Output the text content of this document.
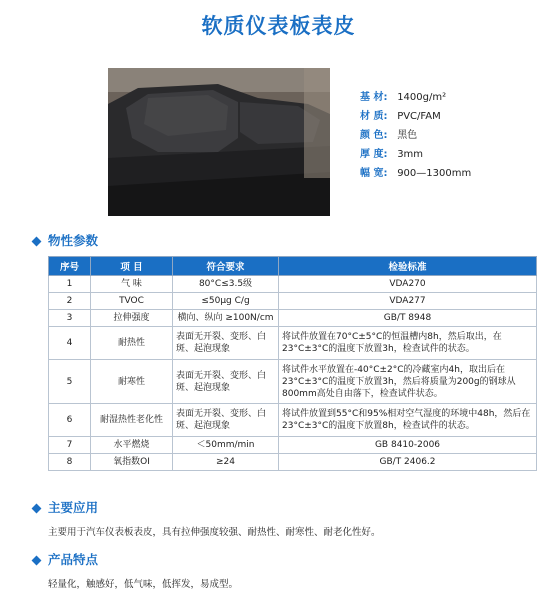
软质仪表板表皮
基 材: 1400g/m²
材 质: PVC/FAM
颜 色: 黑色
厚 度: 3mm
幅 宽: 900—1300mm
物性参数
序号	项 目	符合要求	检验标准
1	气 味	80°C≤3.5级	VDA270
2	TVOC	≤50μg C/g	VDA277
3	拉伸强度	横向、纵向 ≥100N/cm	GB/T 8948
4	耐热性	表面无开裂、变形、白斑、起泡现象	将试件放置在70°C±5°C的恒温槽内8h，然后取出，在23°C±3°C的温度下放置3h，检查试件的状态。
5	耐寒性	表面无开裂、变形、白斑、起泡现象	将试件水平放置在-40°C±2°C的冷藏室内4h，取出后在23°C±3°C的温度下放置3h，然后将质量为200g的钢球从800mm高处自由落下，检查试件状态。
6	耐湿热性老化性	表面无开裂、变形、白斑、起泡现象	将试件放置到55°C和95%相对空气湿度的环境中48h，然后在23°C±3°C的温度下放置8h，检查试件的状态。
7	水平燃烧	＜50mm/min	GB 8410-2006
8	氧指数OI	≥24	GB/T 2406.2
主要应用
主要用于汽车仪表板表皮，具有拉伸强度较强、耐热性、耐寒性、耐老化性好。
产品特点
轻量化，触感好，低气味，低挥发，易成型。
